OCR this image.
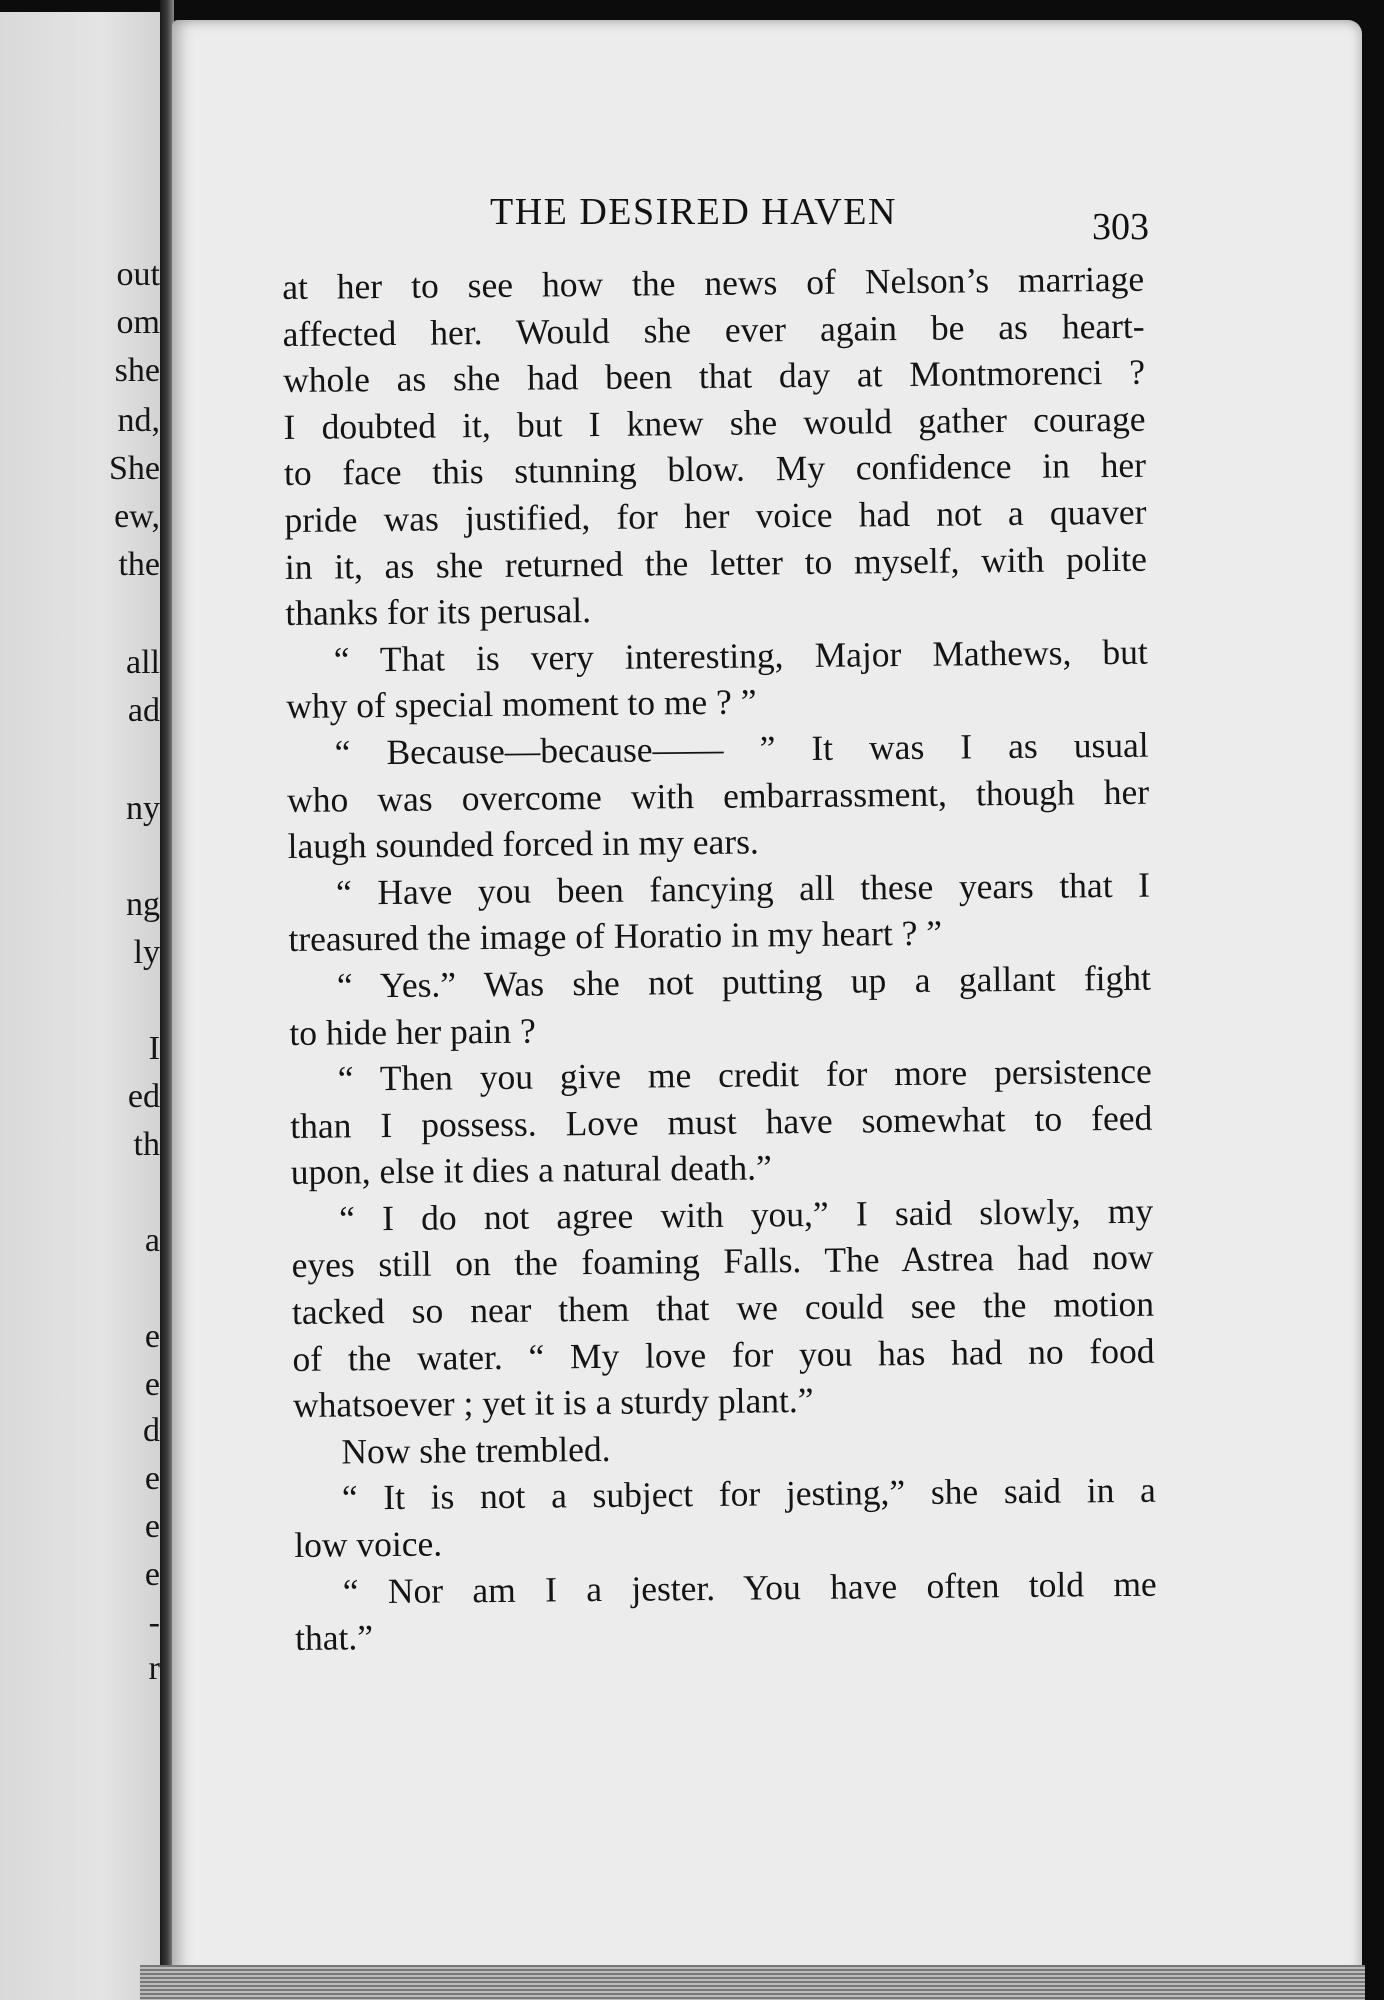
out
om
she
nd,
She
ew,
the
all
ad
ny
ng
ly
I
ed
th
a
e
e
d
e
e
e
-
r
THE DESIRED HAVEN	303
at her to see how the news of Nelson’s marriage
affected her. Would she ever again be as heart-
whole as she had been that day at Montmorenci ?
I doubted it, but I knew she would gather courage
to face this stunning blow. My confidence in her
pride was justified, for her voice had not a quaver
in it, as she returned the letter to myself, with polite
thanks for its perusal.
“ That is very interesting, Major Mathews, but
why of special moment to me ? ”
“ Because—because—— ” It was I as usual
who was overcome with embarrassment, though her
laugh sounded forced in my ears.
“ Have you been fancying all these years that I
treasured the image of Horatio in my heart ? ”
“ Yes.” Was she not putting up a gallant fight
to hide her pain ?
“ Then you give me credit for more persistence
than I possess. Love must have somewhat to feed
upon, else it dies a natural death.”
“ I do not agree with you,” I said slowly, my
eyes still on the foaming Falls. The Astrea had now
tacked so near them that we could see the motion
of the water. “ My love for you has had no food
whatsoever ; yet it is a sturdy plant.”
Now she trembled.
“ It is not a subject for jesting,” she said in a
low voice.
“ Nor am I a jester. You have often told me
that.”
